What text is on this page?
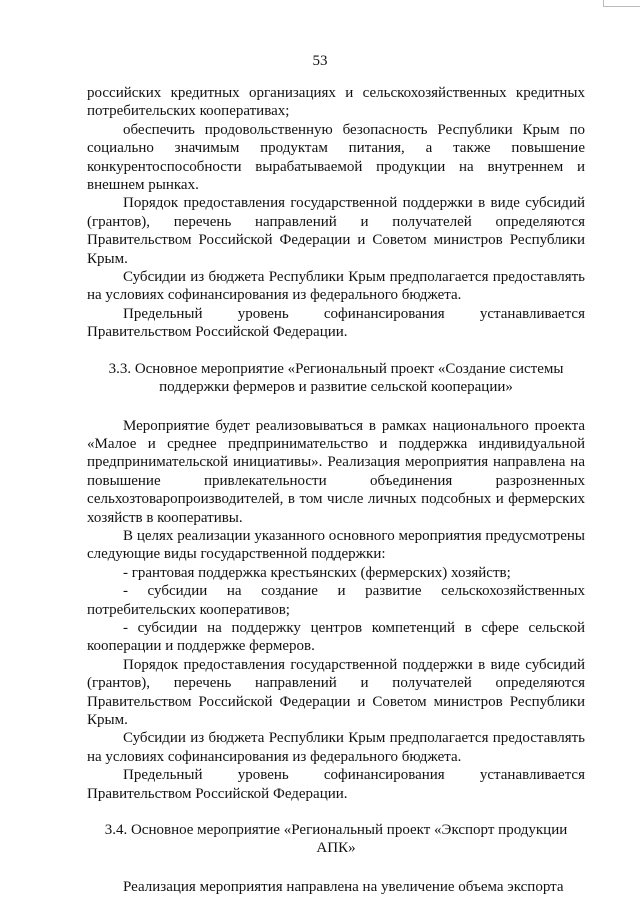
53

российских кредитных организациях и сельскохозяйственных кредитных потребительских кооперативах;

обеспечить продовольственную безопасность Республики Крым по социально значимым продуктам питания, а также повышение конкурентоспособности вырабатываемой продукции на внутреннем и внешнем рынках.

Порядок предоставления государственной поддержки в виде субсидий (грантов), перечень направлений и получателей определяются Правительством Российской Федерации и Советом министров Республики Крым.

Субсидии из бюджета Республики Крым предполагается предоставлять на условиях софинансирования из федерального бюджета.

Предельный уровень софинансирования устанавливается Правительством Российской Федерации.

3.3. Основное мероприятие «Региональный проект «Создание системы
поддержки фермеров и развитие сельской кооперации»

Мероприятие будет реализовываться в рамках национального проекта «Малое и среднее предпринимательство и поддержка индивидуальной предпринимательской инициативы». Реализация мероприятия направлена на повышение привлекательности объединения разрозненных сельхозтоваропроизводителей, в том числе личных подсобных и фермерских хозяйств в кооперативы.

В целях реализации указанного основного мероприятия предусмотрены следующие виды государственной поддержки:

- грантовая поддержка крестьянских (фермерских) хозяйств;

- субсидии на создание и развитие сельскохозяйственных потребительских кооперативов;

- субсидии на поддержку центров компетенций в сфере сельской кооперации и поддержке фермеров.

Порядок предоставления государственной поддержки в виде субсидий (грантов), перечень направлений и получателей определяются Правительством Российской Федерации и Советом министров Республики Крым.

Субсидии из бюджета Республики Крым предполагается предоставлять на условиях софинансирования из федерального бюджета.

Предельный уровень софинансирования устанавливается Правительством Российской Федерации.

3.4. Основное мероприятие «Региональный проект «Экспорт продукции
АПК»

Реализация мероприятия направлена на увеличение объема экспорта
